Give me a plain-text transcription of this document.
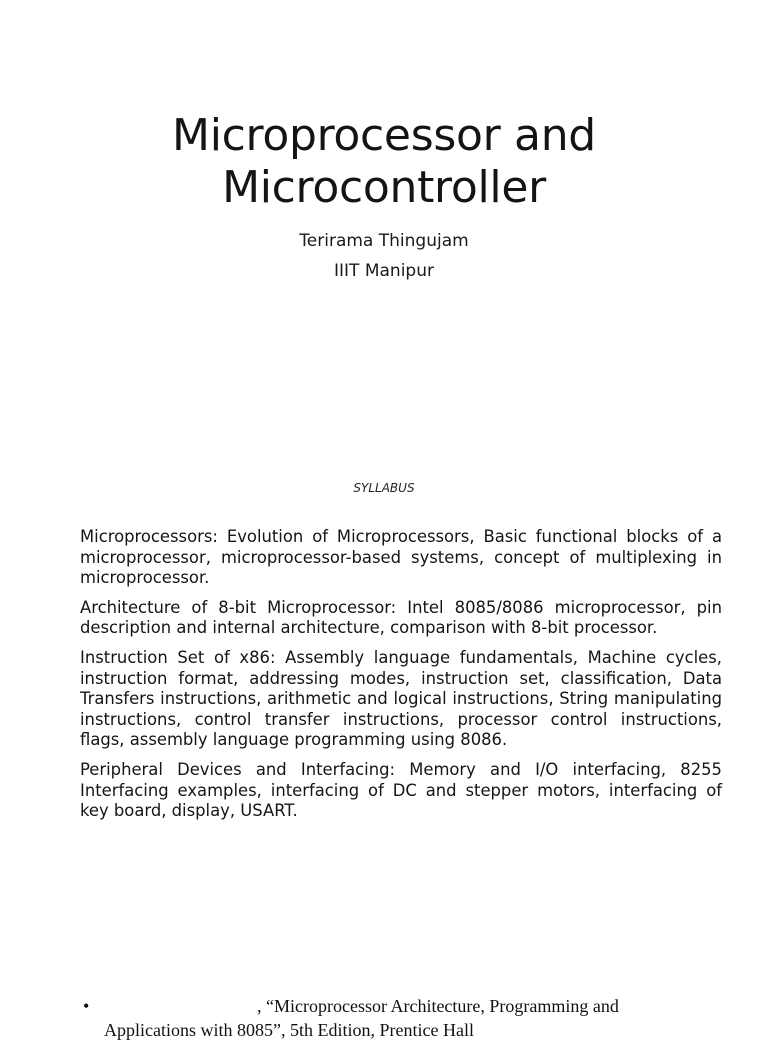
Microprocessor and
Microcontroller

Terirama Thingujam

IIIT Manipur

SYLLABUS

Microprocessors: Evolution of Microprocessors, Basic functional blocks of a microprocessor, microprocessor-based systems, concept of multiplexing in microprocessor.

Architecture of 8-bit Microprocessor: Intel 8085/8086 microprocessor, pin description and internal architecture, comparison with 8-bit processor.

Instruction Set of x86: Assembly language fundamentals, Machine cycles, instruction format, addressing modes, instruction set, classification, Data Transfers instructions, arithmetic and logical instructions, String manipulating instructions, control transfer instructions, processor control instructions, flags, assembly language programming using 8086.

Peripheral Devices and Interfacing: Memory and I/O interfacing, 8255 Interfacing examples, interfacing of DC and stepper motors, interfacing of key board, display, USART.

•	, “Microprocessor Architecture, Programming and
Applications with 8085”, 5th Edition, Prentice Hall
